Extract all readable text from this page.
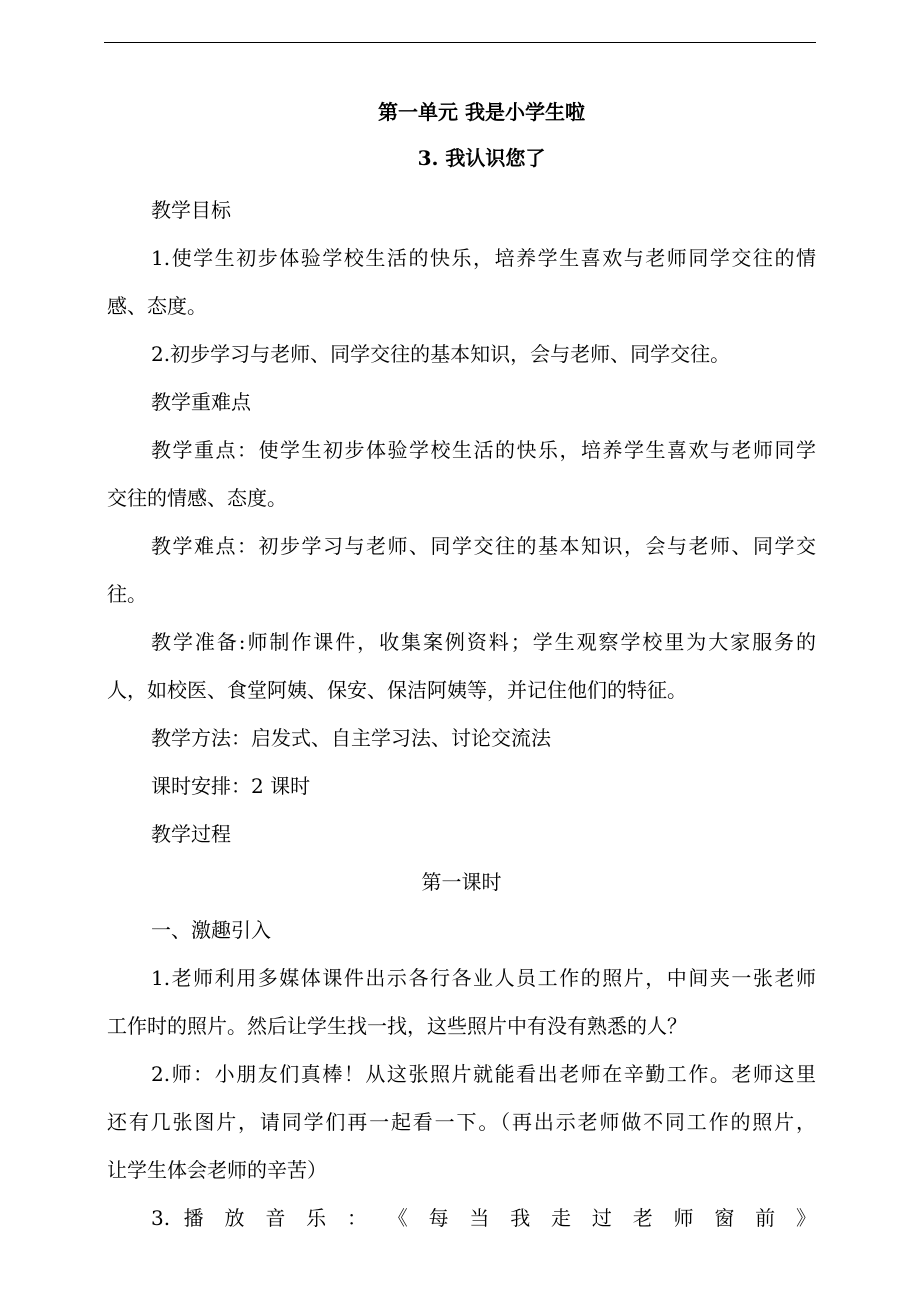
第一单元 我是小学生啦
3. 我认识您了
教学目标
1.使学生初步体验学校生活的快乐，培养学生喜欢与老师同学交往的情
感、态度。
2.初步学习与老师、同学交往的基本知识，会与老师、同学交往。
教学重难点
教学重点：使学生初步体验学校生活的快乐，培养学生喜欢与老师同学
交往的情感、态度。
教学难点：初步学习与老师、同学交往的基本知识，会与老师、同学交
往。
教学准备:师制作课件，收集案例资料；学生观察学校里为大家服务的
人，如校医、食堂阿姨、保安、保洁阿姨等，并记住他们的特征。
教学方法：启发式、自主学习法、讨论交流法
课时安排：2 课时
教学过程
第一课时
一、激趣引入
1.老师利用多媒体课件出示各行各业人员工作的照片，中间夹一张老师
工作时的照片。然后让学生找一找，这些照片中有没有熟悉的人？
2.师：小朋友们真棒！从这张照片就能看出老师在辛勤工作。老师这里
还有几张图片，请同学们再一起看一下。（再出示老师做不同工作的照片，
让学生体会老师的辛苦）
3. 播 放 音 乐 ： 《 每 当 我 走 过 老 师 窗 前 》
